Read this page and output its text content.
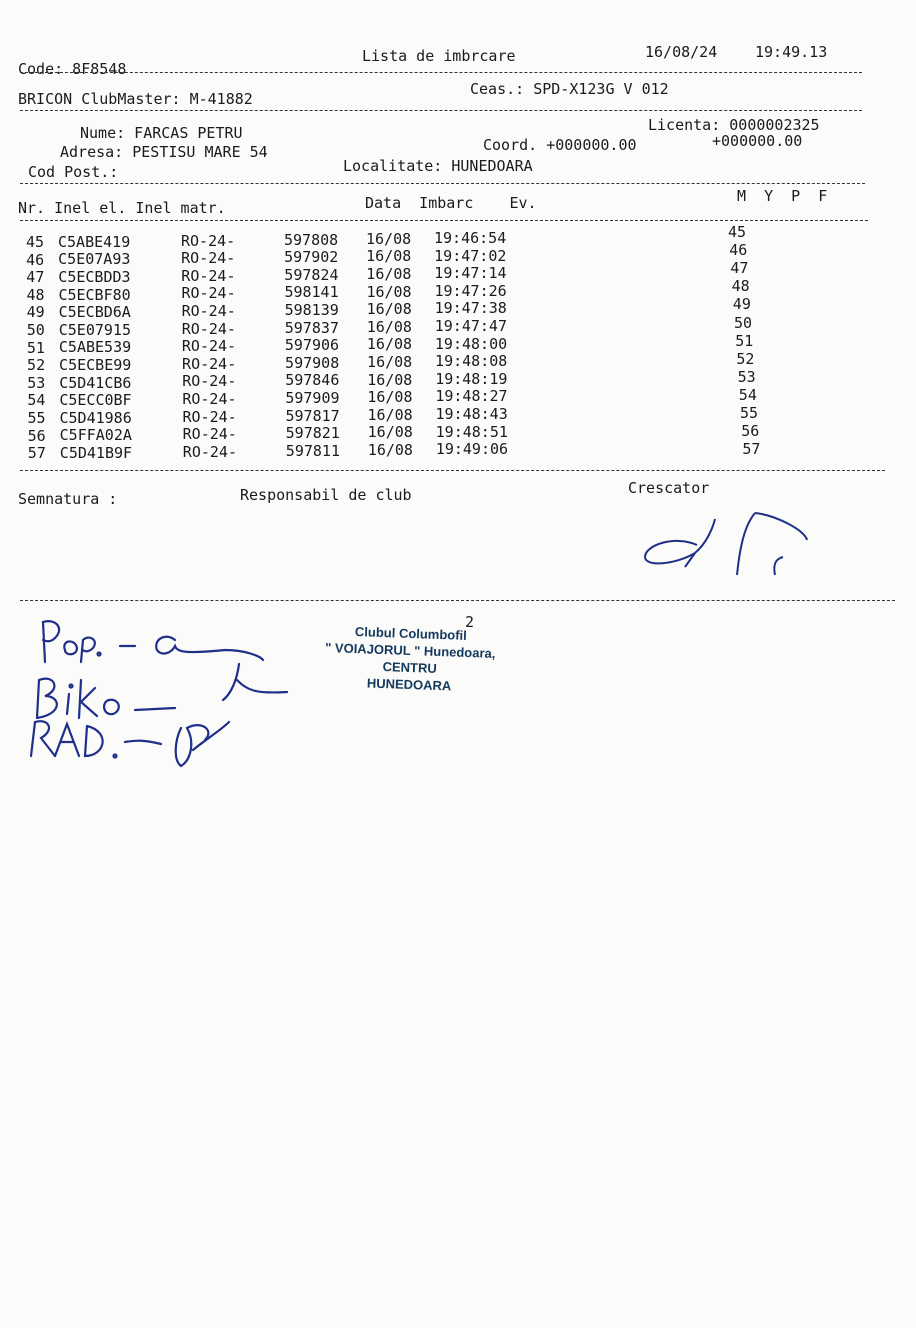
Code: 8F8548
Lista de imbrcare	16/08/24	19:49.13
BRICON ClubMaster: M-41882
Ceas.: SPD-X123G V 012
Licenta: 0000002325
Nume: FARCAS PETRU
Adresa: PESTISU MARE 54	Coord. +000000.00	+000000.00
Cod Post.:	Localitate: HUNEDOARA
Nr. Inel el. Inel matr.	Data  Imbarc    Ev.	M  Y  P  F
45 C5ABE419	RO-24-	597808 16/08 19:46:54	45
46 C5E07A93	RO-24-	597902 16/08 19:47:02	46
47 C5ECBDD3	RO-24-	597824 16/08 19:47:14	47
48 C5ECBF80	RO-24-	598141 16/08 19:47:26	48
49 C5ECBD6A	RO-24-	598139 16/08 19:47:38	49
50 C5E07915	RO-24-	597837 16/08 19:47:47	50
51 C5ABE539	RO-24-	597906 16/08 19:48:00	51
52 C5ECBE99	RO-24-	597908 16/08 19:48:08	52
53 C5D41CB6	RO-24-	597846 16/08 19:48:19	53
54 C5ECC0BF	RO-24-	597909 16/08 19:48:27	54
55 C5D41986	RO-24-	597817 16/08 19:48:43	55
56 C5FFA02A	RO-24-	597821 16/08 19:48:51	56
57 C5D41B9F	RO-24-	597811 16/08 19:49:06	57
Semnatura :	Responsabil de club	Crescator
2
Clubul Columbofil
" VOIAJORUL " Hunedoara,
CENTRU
HUNEDOARA
